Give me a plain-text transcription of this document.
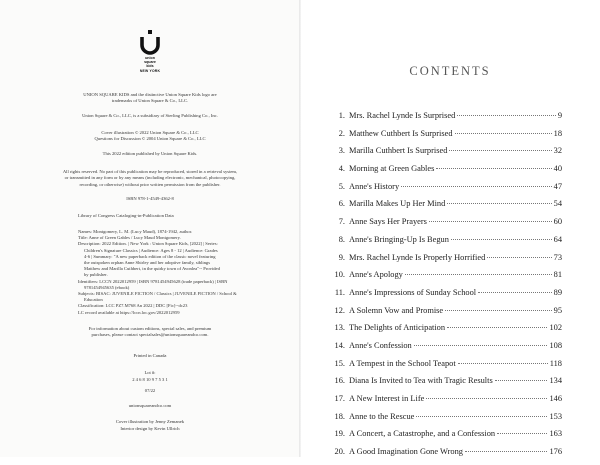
union
square
kids
NEW YORK
UNION SQUARE KIDS and the distinctive Union Square Kids logo are
trademarks of Union Square & Co., LLC.
Union Square & Co., LLC, is a subsidiary of Sterling Publishing Co., Inc.
Cover illustration © 2022 Union Square & Co., LLC
Questions for Discussion © 2004 Union Square & Co., LLC
This 2022 edition published by Union Square Kids.
All rights reserved. No part of this publication may be reproduced, stored in a retrieval system,
or transmitted in any form or by any means (including electronic, mechanical, photocopying,
recording, or otherwise) without prior written permission from the publisher.
ISBN 978-1-4549-4362-8
Library of Congress Cataloging-in-Publication Data
Names: Montgomery, L. M. (Lucy Maud), 1874-1942, author.
Title: Anne of Green Gables / Lucy Maud Montgomery.
Description: 2022 Edition. | New York : Union Square Kids, [2022] | Series:
Children's Signature Classics | Audience: Ages 8 - 12 | Audience: Grades
4-6 | Summary: "A new paperback edition of the classic novel featuring
the outspoken orphan Anne Shirley and her adoptive family, siblings
Matthew and Marilla Cuthbert, in the quirky town of Avonlea"-- Provided
by publisher.
Identifiers: LCCN 2022012959 | ISBN 9781454945628 (trade paperback) | ISBN
9781454945635 (ebook)
Subjects: BISAC: JUVENILE FICTION / Classics | JUVENILE FICTION / School &
Education
Classification: LCC PZ7.M768 An 2022 | DDC [Fic]--dc23
LC record available at https://lccn.loc.gov/2022012959
For information about custom editions, special sales, and premium
purchases, please contact specialsales@unionsquareandco.com.
Printed in Canada
Lot #:
2 4 6 8 10 9 7 5 3 1
07/22
unionsquareandco.com
Cover illustration by Jenny Zemanek
Interior design by Kevin Ullrich
CONTENTS
1. Mrs. Rachel Lynde Is Surprised	9
2. Matthew Cuthbert Is Surprised	18
3. Marilla Cuthbert Is Surprised	32
4. Morning at Green Gables	40
5. Anne's History	47
6. Marilla Makes Up Her Mind	54
7. Anne Says Her Prayers	60
8. Anne's Bringing-Up Is Begun	64
9. Mrs. Rachel Lynde Is Properly Horrified	73
10. Anne's Apology	81
11. Anne's Impressions of Sunday School	89
12. A Solemn Vow and Promise	95
13. The Delights of Anticipation	102
14. Anne's Confession	108
15. A Tempest in the School Teapot	118
16. Diana Is Invited to Tea with Tragic Results	134
17. A New Interest in Life	146
18. Anne to the Rescue	153
19. A Concert, a Catastrophe, and a Confession	163
20. A Good Imagination Gone Wrong	176
